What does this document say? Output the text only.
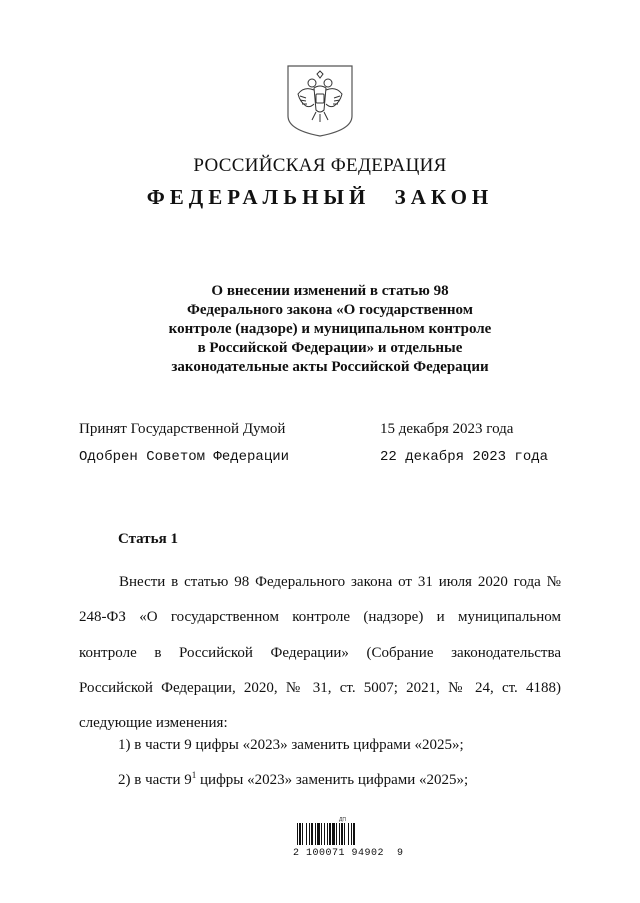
РОССИЙСКАЯ ФЕДЕРАЦИЯ
ФЕДЕРАЛЬНЫЙ ЗАКОН
О внесении изменений в статью 98
Федерального закона «О государственном
контроле (надзоре) и муниципальном контроле
в Российской Федерации» и отдельные
законодательные акты Российской Федерации
Принят Государственной Думой	15 декабря 2023 года
Одобрен Советом Федерации	22 декабря 2023 года
Статья 1

Внести в статью 98 Федерального закона от 31 июля 2020 года № 248-ФЗ «О государственном контроле (надзоре) и муниципальном контроле в Российской Федерации» (Собрание законодательства Российской Федерации, 2020, № 31, ст. 5007; 2021, № 24, ст. 4188) следующие изменения:

1) в части 9 цифры «2023» заменить цифрами «2025»;
2) в части $9^1$ цифры «2023» заменить цифрами «2025»;
ДП
2 100071 94902  9
